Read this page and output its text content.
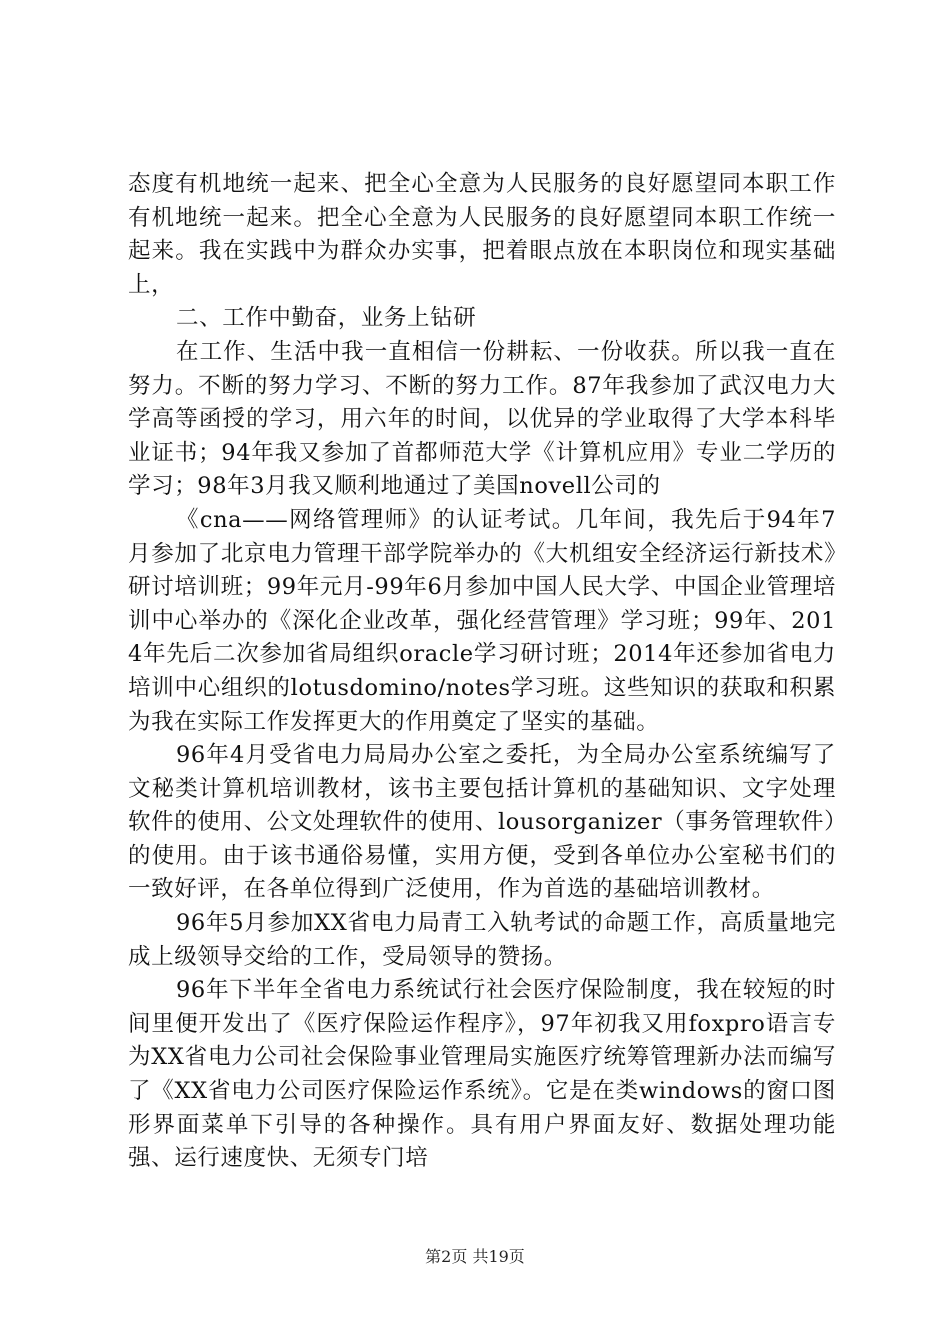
态度有机地统一起来、把全心全意为人民服务的良好愿望同本职工作有机地统一起来。把全心全意为人民服务的良好愿望同本职工作统一起来。我在实践中为群众办实事，把着眼点放在本职岗位和现实基础上，

二、工作中勤奋，业务上钻研

在工作、生活中我一直相信一份耕耘、一份收获。所以我一直在努力。不断的努力学习、不断的努力工作。87年我参加了武汉电力大学高等函授的学习，用六年的时间，以优异的学业取得了大学本科毕业证书；94年我又参加了首都师范大学《计算机应用》专业二学历的学习；98年3月我又顺利地通过了美国novell公司的

《cna——网络管理师》的认证考试。几年间，我先后于94年7月参加了北京电力管理干部学院举办的《大机组安全经济运行新技术》研讨培训班；99年元月-99年6月参加中国人民大学、中国企业管理培训中心举办的《深化企业改革，强化经营管理》学习班；99年、2014年先后二次参加省局组织oracle学习研讨班；2014年还参加省电力培训中心组织的lotusdomino/notes学习班。这些知识的获取和积累为我在实际工作发挥更大的作用奠定了坚实的基础。

96年4月受省电力局局办公室之委托，为全局办公室系统编写了文秘类计算机培训教材，该书主要包括计算机的基础知识、文字处理软件的使用、公文处理软件的使用、lousorganizer（事务管理软件）的使用。由于该书通俗易懂，实用方便，受到各单位办公室秘书们的一致好评，在各单位得到广泛使用，作为首选的基础培训教材。

96年5月参加XX省电力局青工入轨考试的命题工作，高质量地完成上级领导交给的工作，受局领导的赞扬。

96年下半年全省电力系统试行社会医疗保险制度，我在较短的时间里便开发出了《医疗保险运作程序》，97年初我又用foxpro语言专为XX省电力公司社会保险事业管理局实施医疗统筹管理新办法而编写了《XX省电力公司医疗保险运作系统》。它是在类windows的窗口图形界面菜单下引导的各种操作。具有用户界面友好、数据处理功能强、运行速度快、无须专门培

第2页 共19页
